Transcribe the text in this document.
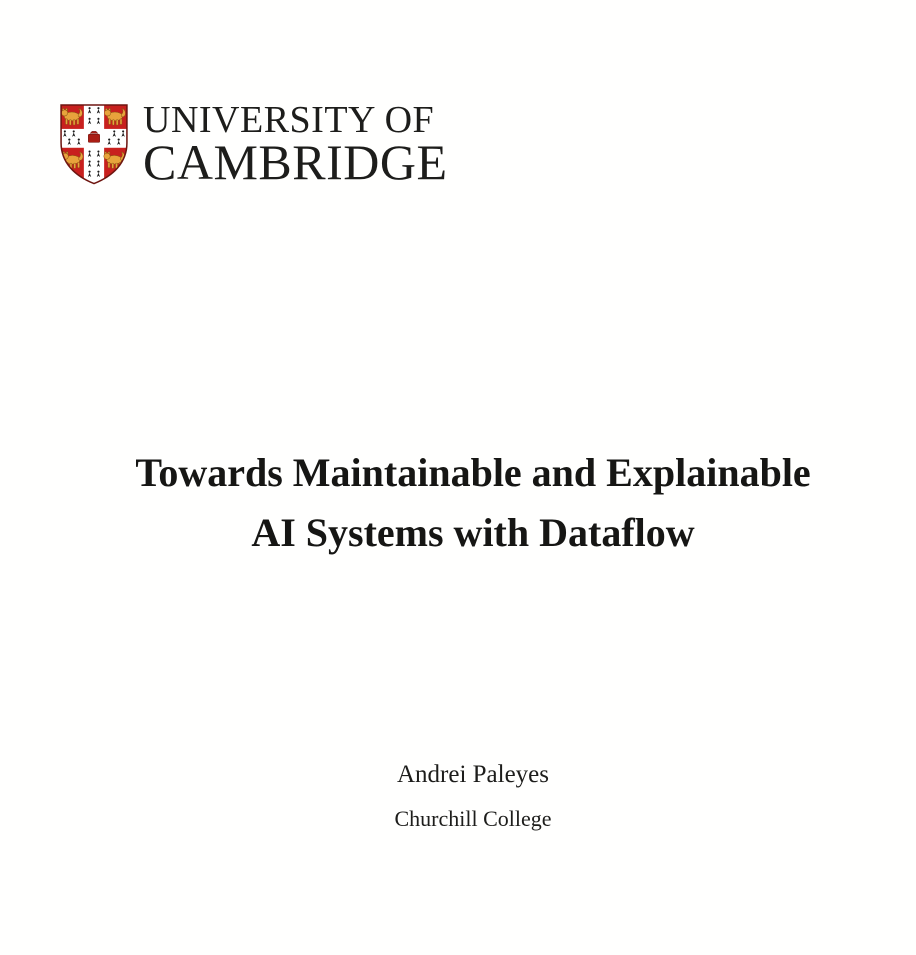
UNIVERSITY OF
CAMBRIDGE
Towards Maintainable and Explainable
AI Systems with Dataflow
Andrei Paleyes
Churchill College
